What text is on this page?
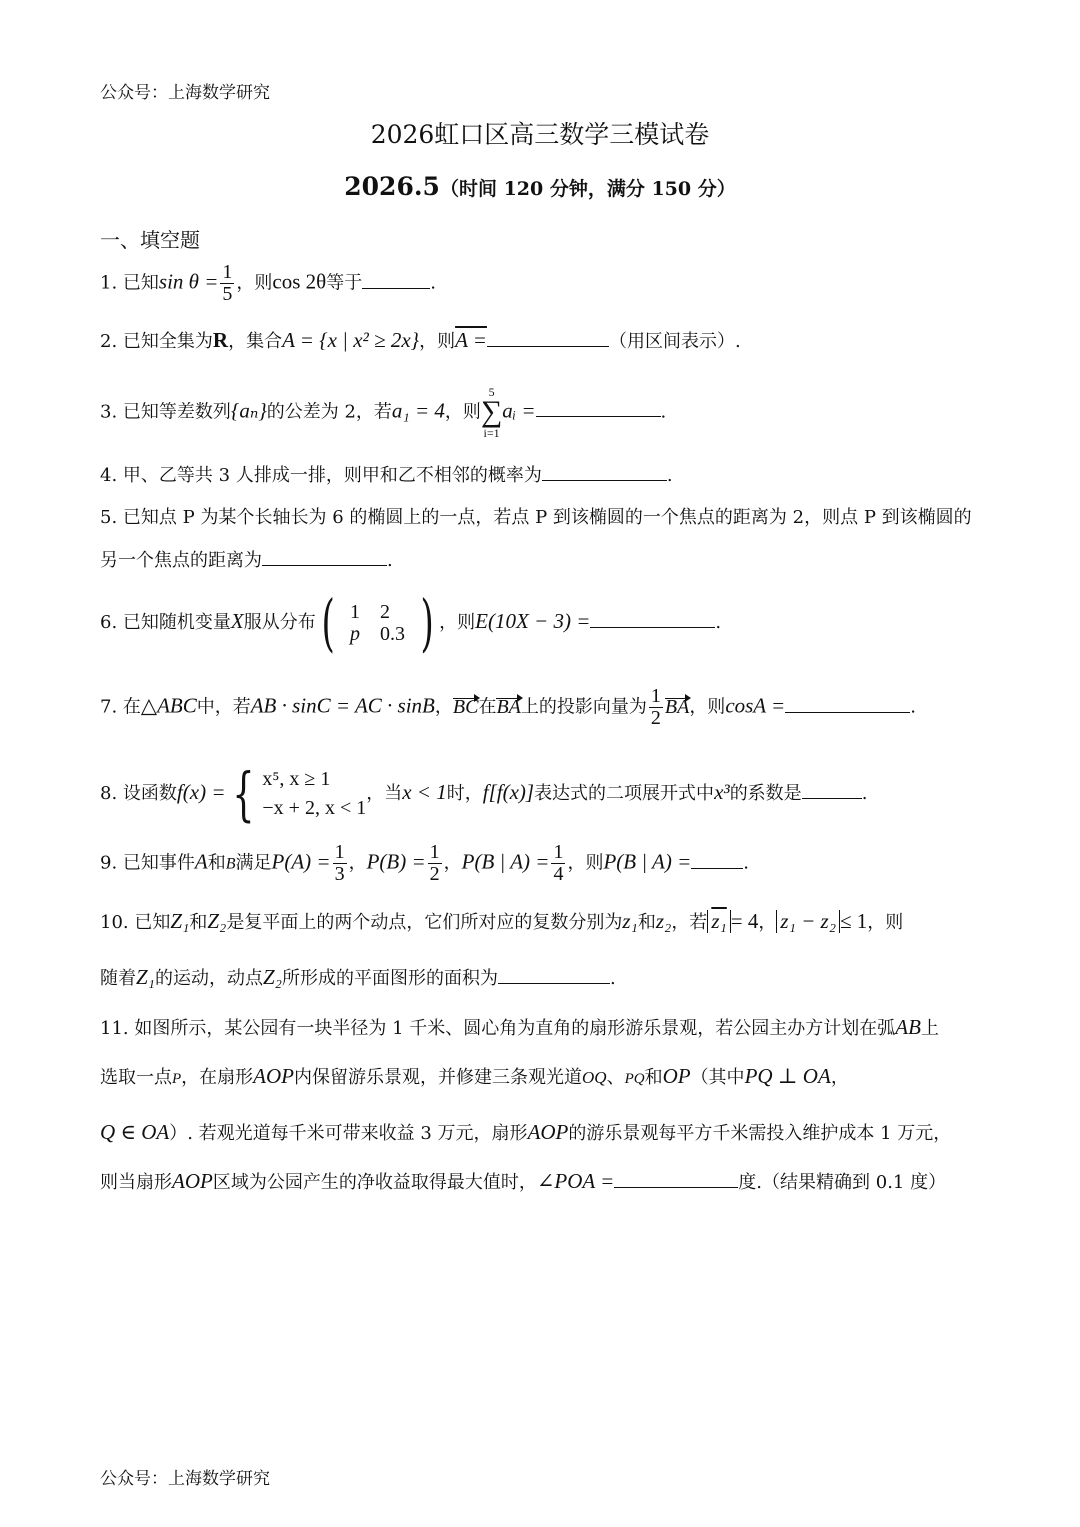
公众号：上海数学研究
2026虹口区高三数学三模试卷
2026.5（时间 120 分钟，满分 150 分）
一、填空题
1. 已知$\sin \theta = \frac{1}{5}$ ，则cos 2θ等于	.
2. 已知全集为R，集合A = {x | x² ≥ 2x}，则A =	（用区间表示）.
3. 已知等差数列{aₙ}的公差为 2，若a₁ = 4，则
5
∑
i=1
aᵢ =	.
4. 甲、乙等共 3 人排成一排，则甲和乙不相邻的概率为	.
5. 已知点 P 为某个长轴长为 6 的椭圆上的一点，若点 P 到该椭圆的一个焦点的距离为 2，则点 P 到该椭圆的
另一个焦点的距离为	.
6. 已知随机变量X服从分布 ( 1	2
p	0.3 ) ，则E(10X − 3) =	.
7. 在△ABC中，若AB · sinC = AC · sinB，BC在BA上的投影向量为 $\frac{1}{2}$ BA，则cosA =	.
8. 设函数f(x) = { x⁵, x ≥ 1
−x + 2, x < 1
，当x < 1时，f[f(x)]表达式的二项展开式中x³的系数是	.
9. 已知事件A和B满足$P(A) = \frac{1}{3}$ ，$P(B) = \frac{1}{2}$ ，P(B | $A) = \frac{1}{4}$ ，则P(B | A) =	.
10. 已知Z₁和Z₂是复平面上的两个动点，它们所对应的复数分别为z₁和z₂，若 z₁ = 4， z₁ − z₂ ≤ 1，则
随着Z₁的运动，动点Z₂所形成的平面图形的面积为	.
11. 如图所示，某公园有一块半径为 1 千米、圆心角为直角的扇形游乐景观，若公园主办方计划在弧AB上
选取一点P，在扇形AOP内保留游乐景观，并修建三条观光道OQ、PQ和OP（其中PQ ⊥ OA，
Q ∈ OA）. 若观光道每千米可带来收益 3 万元，扇形AOP的游乐景观每平方千米需投入维护成本 1 万元，
则当扇形AOP区域为公园产生的净收益取得最大值时，∠POA =	度.（结果精确到 0.1 度）
公众号：上海数学研究
